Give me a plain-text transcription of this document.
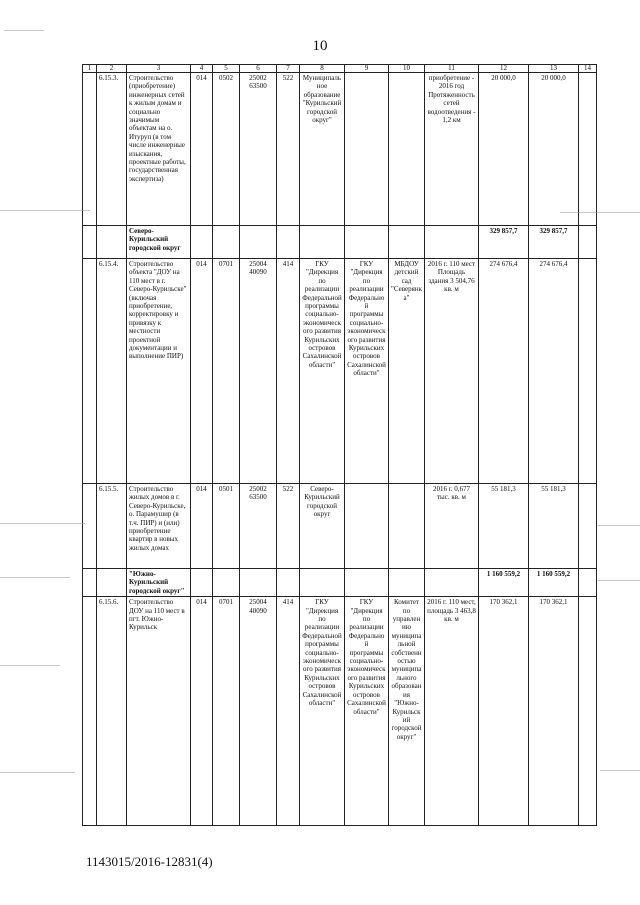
10
1	2	3	4	5	6	7	8	9	10	11	12	13	14
	6.15.3.	Строительство (приобретение) инженерных сетей к жилым домам и социально значимым объектам на о. Итуруп (в том числе инженерные изыскания, проектные работы, государственная экспертиза)	014	0502	25002 63500	522	Муниципальное образование "Курильский городской округ"			приобретение - 2016 год Протяженность сетей водоотведения - 1,2 км	20 000,0	20 000,0	
		Северо-Курильский городской округ									329 857,7	329 857,7	
	6.15.4.	Строительство объекта "ДОУ на 110 мест в г. Северо-Курильске" (включая приобретение, корректировку и привязку к местности проектной документации и выполнение ПИР)	014	0701	25004 40090	414	ГКУ "Дирекция по реализации Федеральной программы социально-экономического развития Курильских островов Сахалинской области"	ГКУ "Дирекция по реализации Федеральной программы социально-экономического развития Курильских островов Сахалинской области"	МБДОУ детский сад "Северянка"	2016 г. 110 мест Площадь здания 3 504,76 кв. м	274 676,4	274 676,4	
	6.15.5.	Строительство жилых домов в г. Северо-Курильске, о. Парамушир (в т.ч. ПИР) и (или) приобретение квартир в новых жилых домах	014	0501	25002 63500	522	Северо-Курильский городской округ			2016 г. 0,677 тыс. кв. м	55 181,3	55 181,3	
		"Южно-Курильский городской округ"									1 160 559,2	1 160 559,2	
	6.15.6.	Строительство ДОУ на 110 мест в пгт. Южно-Курильск	014	0701	25004 40090	414	ГКУ "Дирекция по реализации Федеральной программы социально-экономического развития Курильских островов Сахалинской области"	ГКУ "Дирекция по реализации Федеральной программы социально-экономического развития Курильских островов Сахалинской области"	Комитет по управлению муниципальной собственностью муниципального образования "Южно-Курильский городской округ"	2016 г. 110 мест, площадь 3 463,8 кв. м	170 362,1	170 362,1	
1143015/2016-12831(4)
